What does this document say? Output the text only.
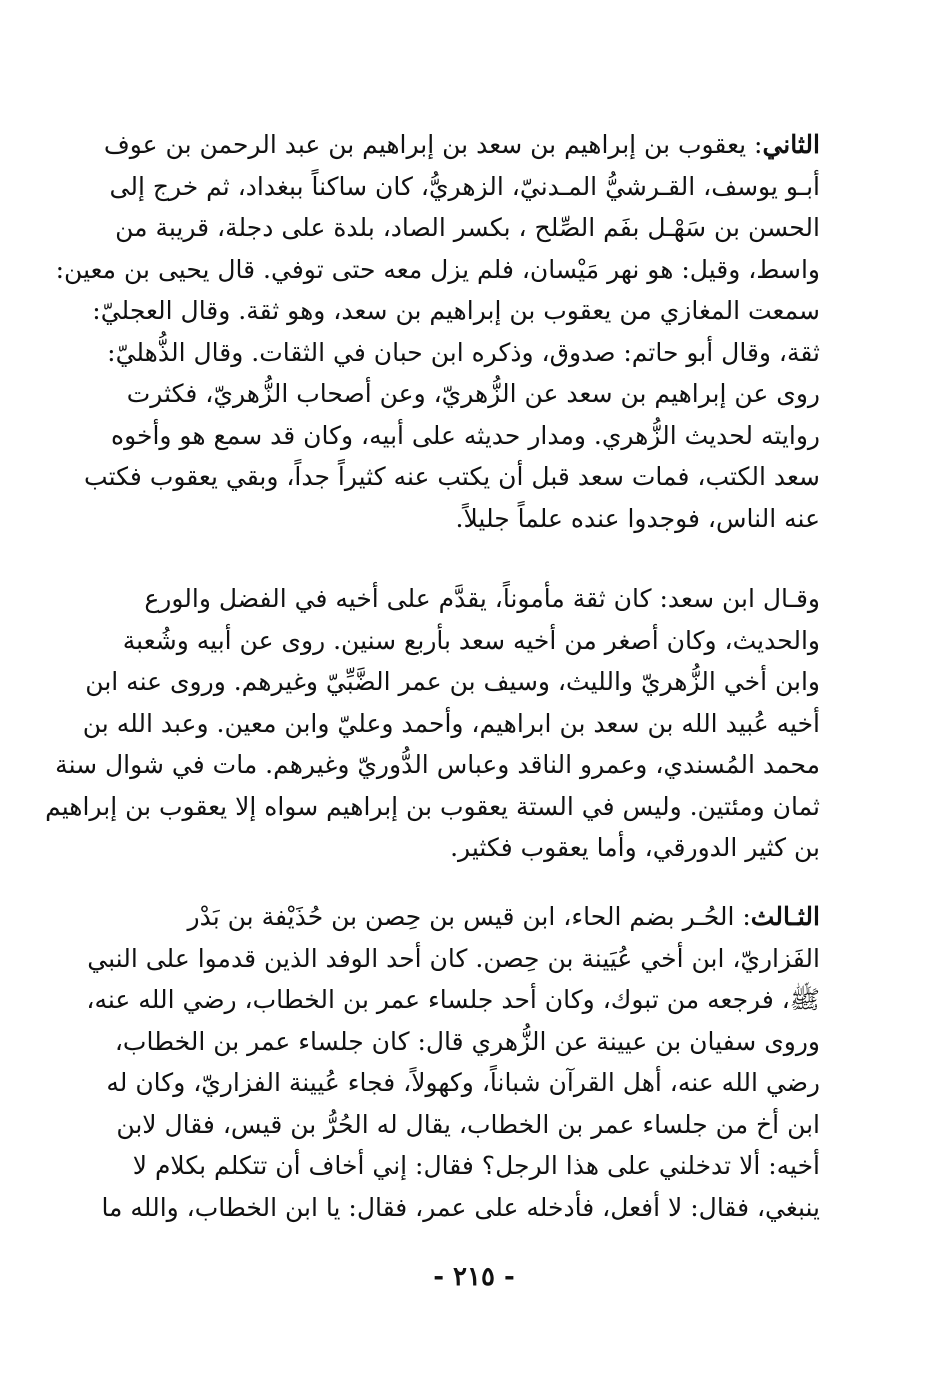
الثاني: يعقوب بن إبراهيم بن سعد بن إبراهيم بن عبد الرحمن بن عوف
أبـو يوسف، القـرشيُّ المـدنيّ، الزهريُّ، كان ساكناً ببغداد، ثم خرج إلى
الحسن بن سَهْـل بفَم الصِّلح ، بكسر الصاد، بلدة على دجلة، قريبة من
واسط، وقيل: هو نهر مَيْسان، فلم يزل معه حتى توفي. قال يحيى بن معين:
سمعت المغازي من يعقوب بن إبراهيم بن سعد، وهو ثقة. وقال العجليّ:
ثقة، وقال أبو حاتم: صدوق، وذكره ابن حبان في الثقات. وقال الذُّهليّ:
روى عن إبراهيم بن سعد عن الزُّهريّ، وعن أصحاب الزُّهريّ، فكثرت
روايته لحديث الزُّهري. ومدار حديثه على أبيه، وكان قد سمع هو وأخوه
سعد الكتب، فمات سعد قبل أن يكتب عنه كثيراً جداً، وبقي يعقوب فكتب
عنه الناس، فوجدوا عنده علماً جليلاً.
وقـال ابن سعد: كان ثقة مأموناً، يقدَّم على أخيه في الفضل والورع
والحديث، وكان أصغر من أخيه سعد بأربع سنين. روى عن أبيه وشُعبة
وابن أخي الزُّهريّ والليث، وسيف بن عمر الضَّبِّيّ وغيرهم. وروى عنه ابن
أخيه عُبيد الله بن سعد بن ابراهيم، وأحمد وعليّ وابن معين. وعبد الله بن
محمد المُسندي، وعمرو الناقد وعباس الدُّوريّ وغيرهم. مات في شوال سنة
ثمان ومئتين. وليس في الستة يعقوب بن إبراهيم سواه إلا يعقوب بن إبراهيم
بن كثير الدورقي، وأما يعقوب فكثير.
الثـالث: الحُـر بضم الحاء، ابن قيس بن حِصن بن حُذَيْفة بن بَدْر
الفَزاريّ، ابن أخي عُيَينة بن حِصن. كان أحد الوفد الذين قدموا على النبي
ﷺ، فرجعه من تبوك، وكان أحد جلساء عمر بن الخطاب، رضي الله عنه،
وروى سفيان بن عيينة عن الزُّهري قال: كان جلساء عمر بن الخطاب،
رضي الله عنه، أهل القرآن شباناً، وكهولاً، فجاء عُيينة الفزاريّ، وكان له
ابن أخ من جلساء عمر بن الخطاب، يقال له الحُرُّ بن قيس، فقال لابن
أخيه: ألا تدخلني على هذا الرجل؟ فقال: إني أخاف أن تتكلم بكلام لا
ينبغي، فقال: لا أفعل، فأدخله على عمر، فقال: يا ابن الخطاب، والله ما
- ٢١٥ -
